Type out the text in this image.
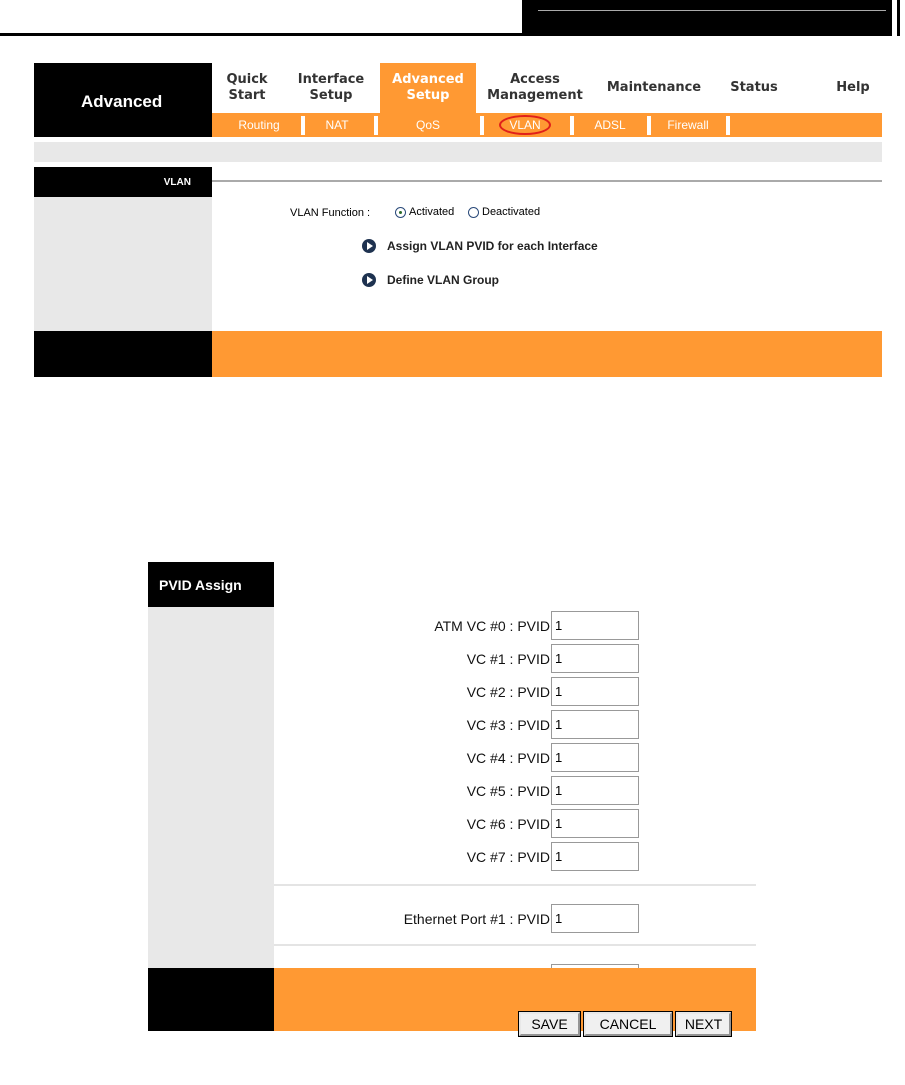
Advanced
Quick
Start
Interface
Setup
Advanced
Setup
Access
Management
Maintenance	Status	Help
Routing	NAT	QoS	VLAN	ADSL	Firewall
VLAN
VLAN Function :	Activated	Deactivated
Assign VLAN PVID for each Interface
Define VLAN Group
PVID Assign
ATM VC #0 : PVID
1
VC #1 : PVID
1
VC #2 : PVID
1
VC #3 : PVID
1
VC #4 : PVID
1
VC #5 : PVID
1
VC #6 : PVID
1
VC #7 : PVID
1
Ethernet Port #1 : PVID
1
1
SAVE	CANCEL	NEXT
